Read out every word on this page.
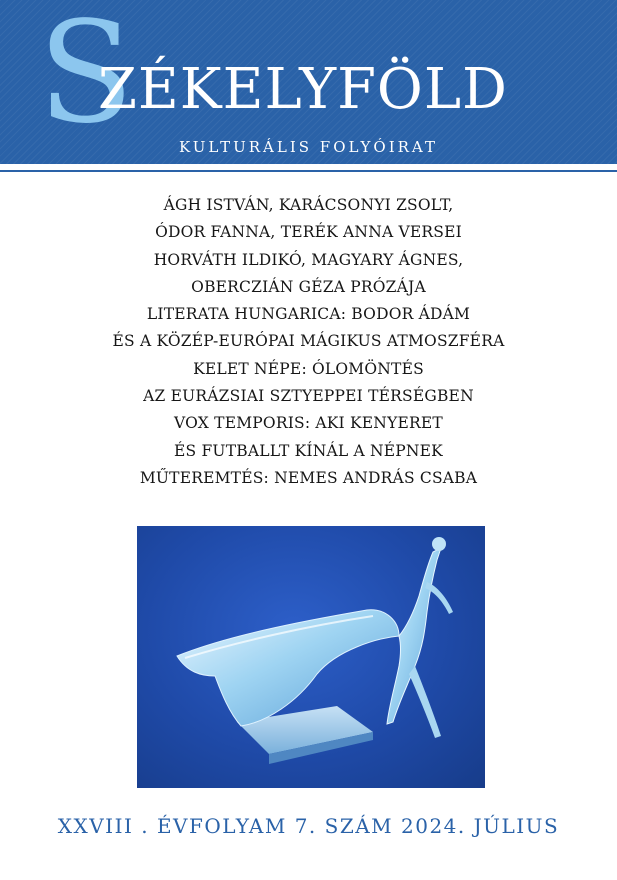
S
ZÉKELYFÖLD
KULTURÁLIS FOLYÓIRAT
ÁGH ISTVÁN, KARÁCSONYI ZSOLT,
ÓDOR FANNA, TERÉK ANNA VERSEI
HORVÁTH ILDIKÓ, MAGYARY ÁGNES,
OBERCZIÁN GÉZA PRÓZÁJA
LITERATA HUNGARICA: BODOR ÁDÁM
ÉS A KÖZÉP-EURÓPAI MÁGIKUS ATMOSZFÉRA
KELET NÉPE: ÓLOMÖNTÉS
AZ EURÁZSIAI SZTYEPPEI TÉRSÉGBEN
VOX TEMPORIS: AKI KENYERET
ÉS FUTBALLT KÍNÁL A NÉPNEK
MŰTEREMTÉS: NEMES ANDRÁS CSABA
XXVIII . ÉVFOLYAM 7. SZÁM 2024. JÚLIUS
